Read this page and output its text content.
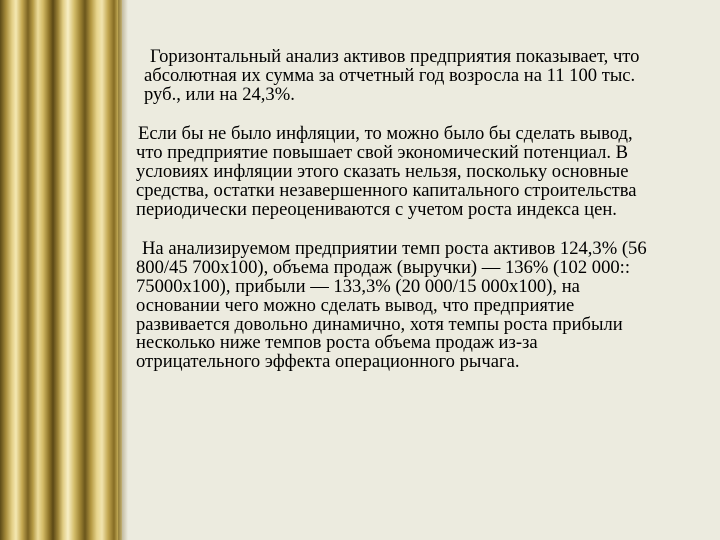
Горизонтальный анализ активов предприятия показывает, что
абсолютная их сумма за отчетный год возросла на 11 100 тыс.
руб., или на 24,3%.

Если бы не было инфляции, то можно было бы сделать вывод,
что предприятие повышает свой экономический потенциал. В
условиях инфляции этого сказать нельзя, поскольку основные
средства, остатки незавершенного капитального строительства
периодически переоцениваются с учетом роста индекса цен.

На анализируемом предприятии темп роста активов 124,3% (56
800/45 700x100), объема продаж (выручки) — 136% (102 000::
75000x100), прибыли — 133,3% (20 000/15 000x100), на
основании чего можно сделать вывод, что предприятие
развивается довольно динамично, хотя темпы роста прибыли
несколько ниже темпов роста объема продаж из-за
отрицательного эффекта операционного рычага.
